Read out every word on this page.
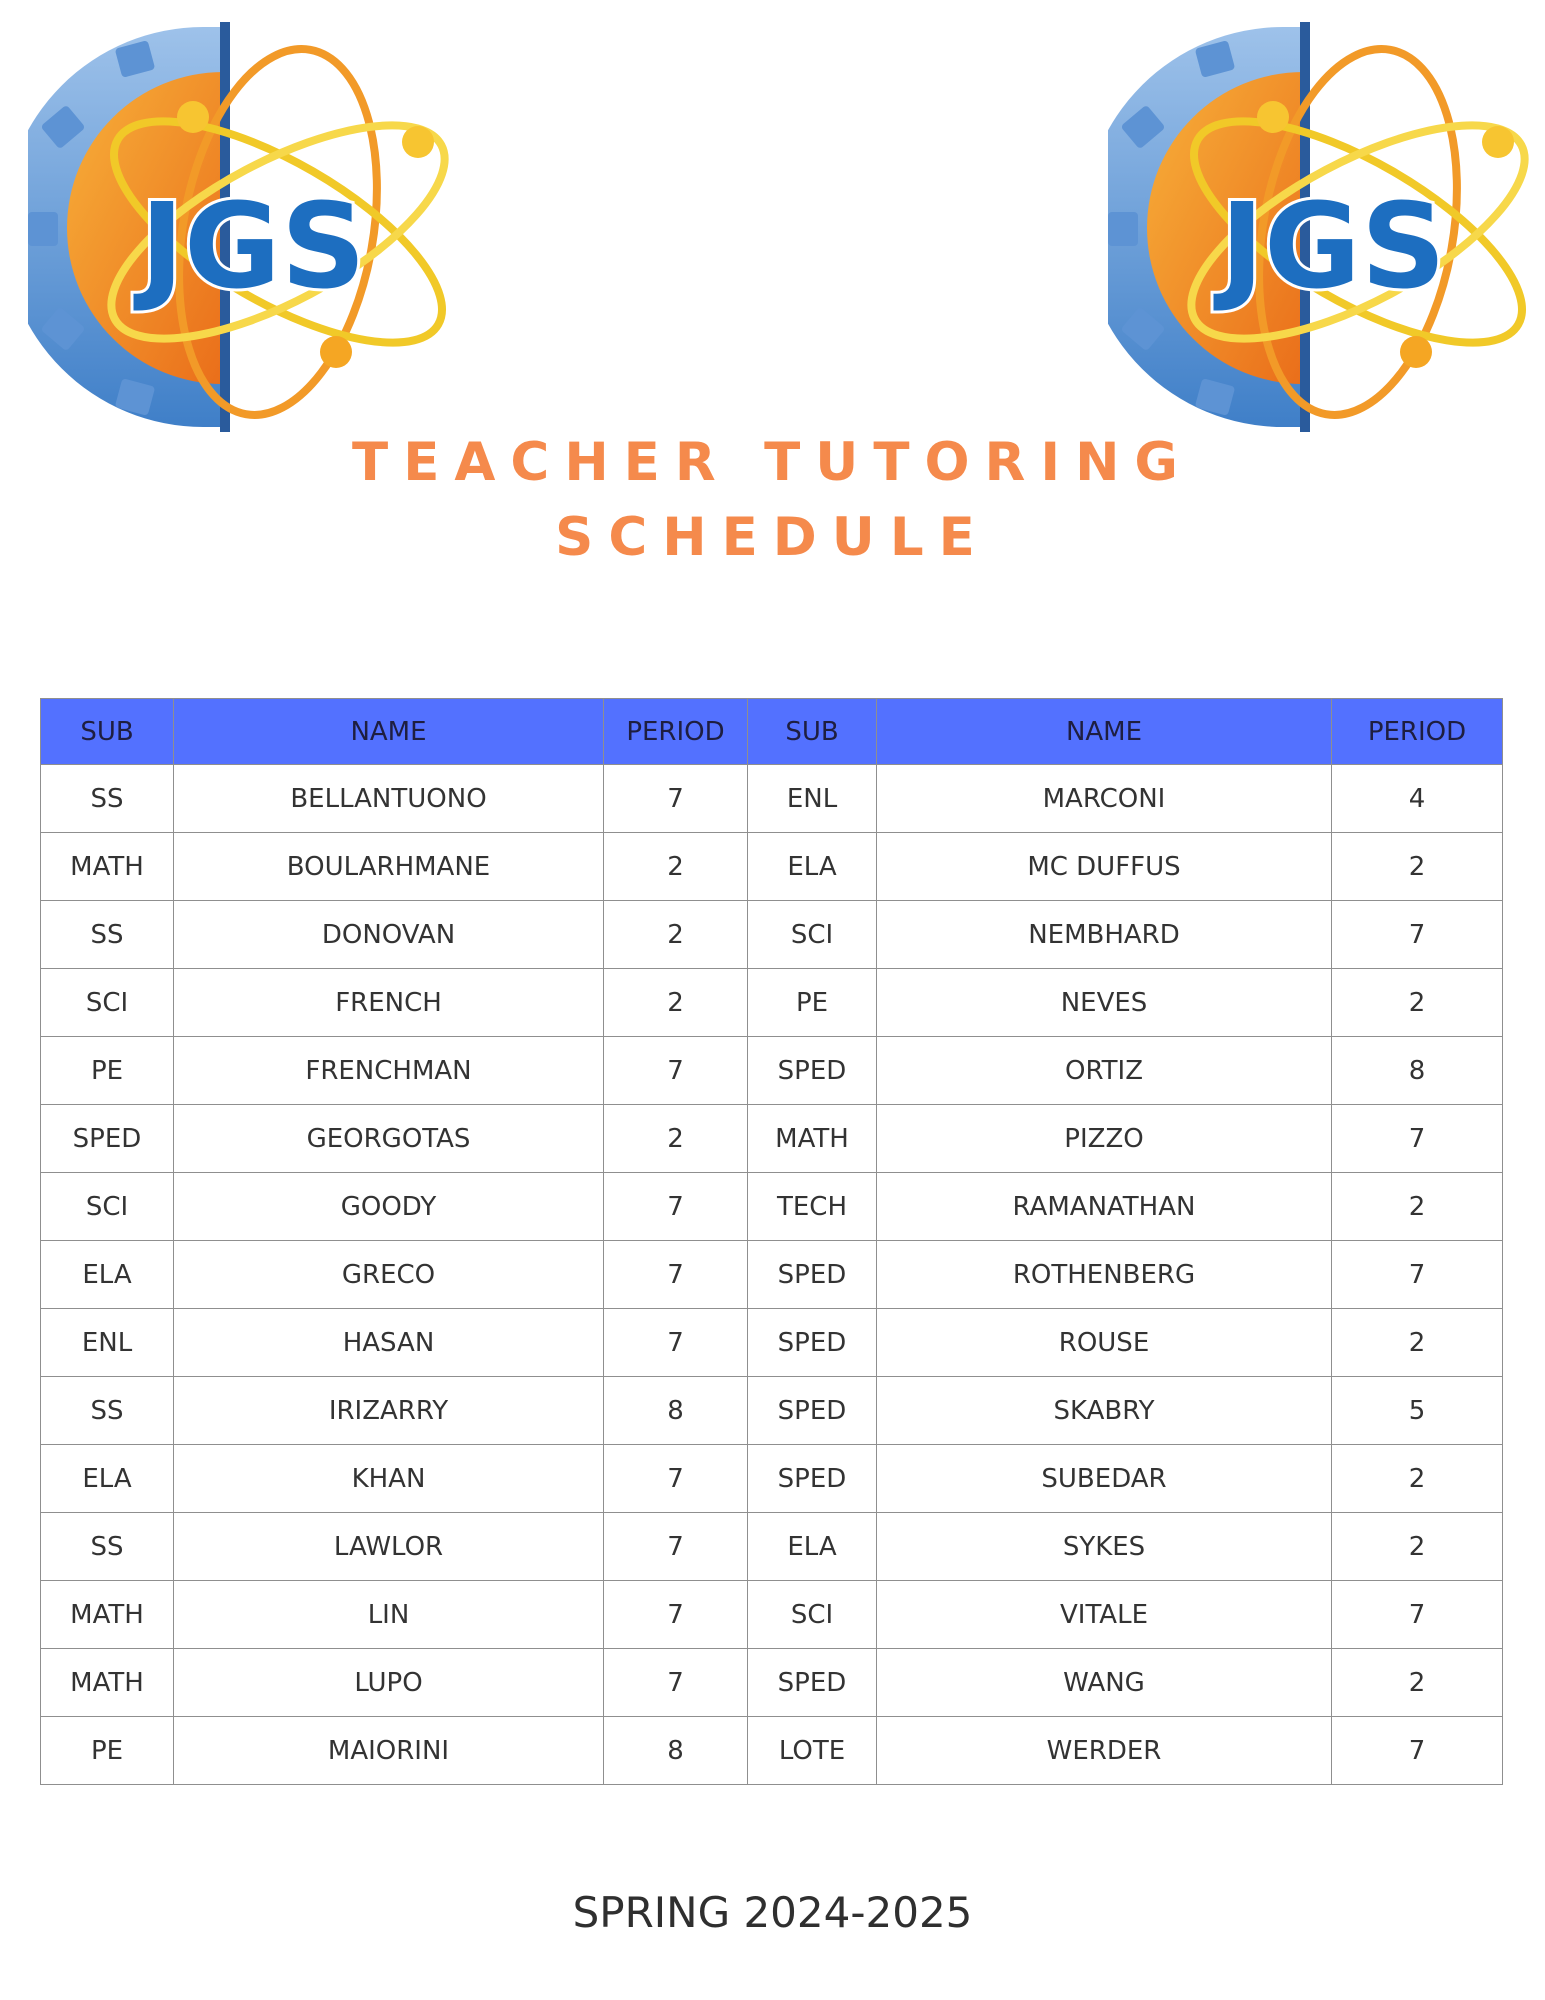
JGS	JGS
TEACHER TUTORING
SCHEDULE
SUB	NAME	PERIOD	SUB	NAME	PERIOD
SS	BELLANTUONO	7	ENL	MARCONI	4
MATH	BOULARHMANE	2	ELA	MC DUFFUS	2
SS	DONOVAN	2	SCI	NEMBHARD	7
SCI	FRENCH	2	PE	NEVES	2
PE	FRENCHMAN	7	SPED	ORTIZ	8
SPED	GEORGOTAS	2	MATH	PIZZO	7
SCI	GOODY	7	TECH	RAMANATHAN	2
ELA	GRECO	7	SPED	ROTHENBERG	7
ENL	HASAN	7	SPED	ROUSE	2
SS	IRIZARRY	8	SPED	SKABRY	5
ELA	KHAN	7	SPED	SUBEDAR	2
SS	LAWLOR	7	ELA	SYKES	2
MATH	LIN	7	SCI	VITALE	7
MATH	LUPO	7	SPED	WANG	2
PE	MAIORINI	8	LOTE	WERDER	7
SPRING 2024-2025
